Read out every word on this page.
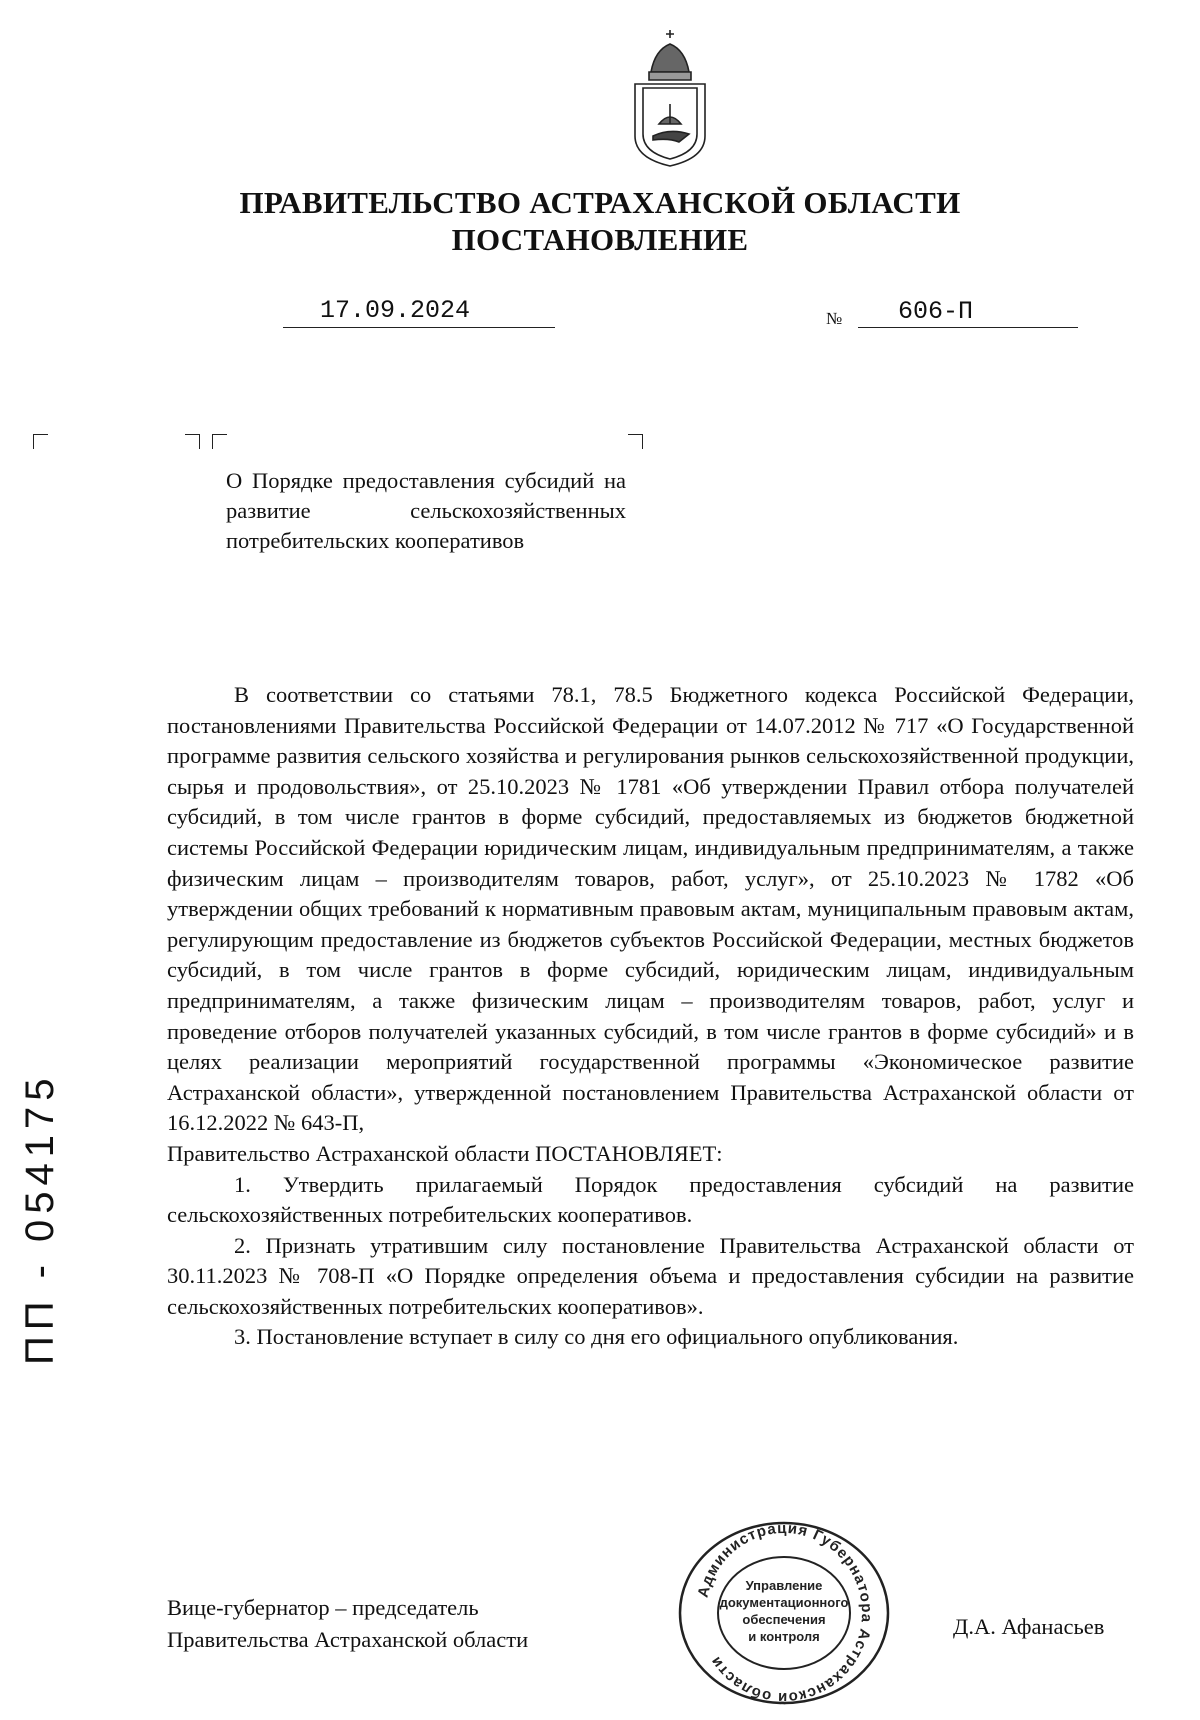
ПРАВИТЕЛЬСТВО АСТРАХАНСКОЙ ОБЛАСТИ
ПОСТАНОВЛЕНИЕ
17.09.2024	№ 606-П
О Порядке предоставления субсидий на развитие сельскохозяйственных потребительских кооперативов

В соответствии со статьями 78.1, 78.5 Бюджетного кодекса Российской Федерации, постановлениями Правительства Российской Федерации от 14.07.2012 № 717 «О Государственной программе развития сельского хозяйства и регулирования рынков сельскохозяйственной продукции, сырья и продовольствия», от 25.10.2023 № 1781 «Об утверждении Правил отбора получателей субсидий, в том числе грантов в форме субсидий, предоставляемых из бюджетов бюджетной системы Российской Федерации юридическим лицам, индивидуальным предпринимателям, а также физическим лицам – производителям товаров, работ, услуг», от 25.10.2023 № 1782 «Об утверждении общих требований к нормативным правовым актам, муниципальным правовым актам, регулирующим предоставление из бюджетов субъектов Российской Федерации, местных бюджетов субсидий, в том числе грантов в форме субсидий, юридическим лицам, индивидуальным предпринимателям, а также физическим лицам – производителям товаров, работ, услуг и проведение отборов получателей указанных субсидий, в том числе грантов в форме субсидий» и в целях реализации мероприятий государственной программы «Экономическое развитие Астраханской области», утвержденной постановлением Правительства Астраханской области от 16.12.2022 № 643-П,

Правительство Астраханской области ПОСТАНОВЛЯЕТ:

1. Утвердить прилагаемый Порядок предоставления субсидий на развитие сельскохозяйственных потребительских кооперативов.

2. Признать утратившим силу постановление Правительства Астраханской области от 30.11.2023 № 708-П «О Порядке определения объема и предоставления субсидии на развитие сельскохозяйственных потребительских кооперативов».

3. Постановление вступает в силу со дня его официального опубликования.

ПП - 054175
Вице-губернатор – председатель
Правительства Астраханской области
Администрация Губернатора Астраханской области
Управление
документационного
обеспечения
и контроля	Д.А. Афанасьев
